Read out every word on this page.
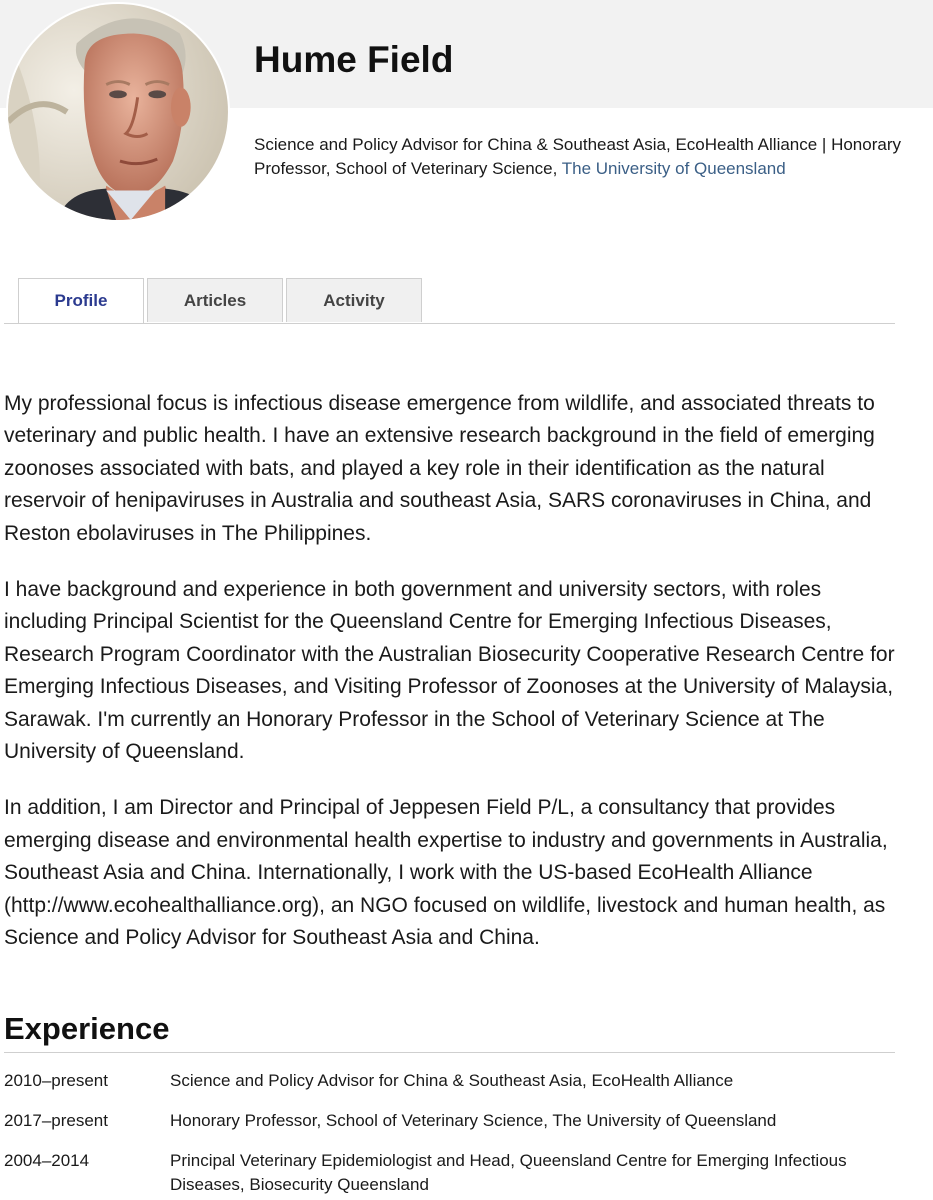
Hume Field
Science and Policy Advisor for China & Southeast Asia, EcoHealth Alliance | Honorary Professor, School of Veterinary Science, The University of Queensland
Profile	Articles	Activity

My professional focus is infectious disease emergence from wildlife, and associated threats to veterinary and public health. I have an extensive research background in the field of emerging zoonoses associated with bats, and played a key role in their identification as the natural reservoir of henipaviruses in Australia and southeast Asia, SARS coronaviruses in China, and Reston ebolaviruses in The Philippines.

I have background and experience in both government and university sectors, with roles including Principal Scientist for the Queensland Centre for Emerging Infectious Diseases, Research Program Coordinator with the Australian Biosecurity Cooperative Research Centre for Emerging Infectious Diseases, and Visiting Professor of Zoonoses at the University of Malaysia, Sarawak. I'm currently an Honorary Professor in the School of Veterinary Science at The University of Queensland.

In addition, I am Director and Principal of Jeppesen Field P/L, a consultancy that provides emerging disease and environmental health expertise to industry and governments in Australia, Southeast Asia and China. Internationally, I work with the US-based EcoHealth Alliance (http://www.ecohealthalliance.org), an NGO focused on wildlife, livestock and human health, as Science and Policy Advisor for Southeast Asia and China.

Experience
2010–present	Science and Policy Advisor for China & Southeast Asia, EcoHealth Alliance
2017–present	Honorary Professor, School of Veterinary Science, The University of Queensland
2004–2014	Principal Veterinary Epidemiologist and Head, Queensland Centre for Emerging Infectious Diseases, Biosecurity Queensland
